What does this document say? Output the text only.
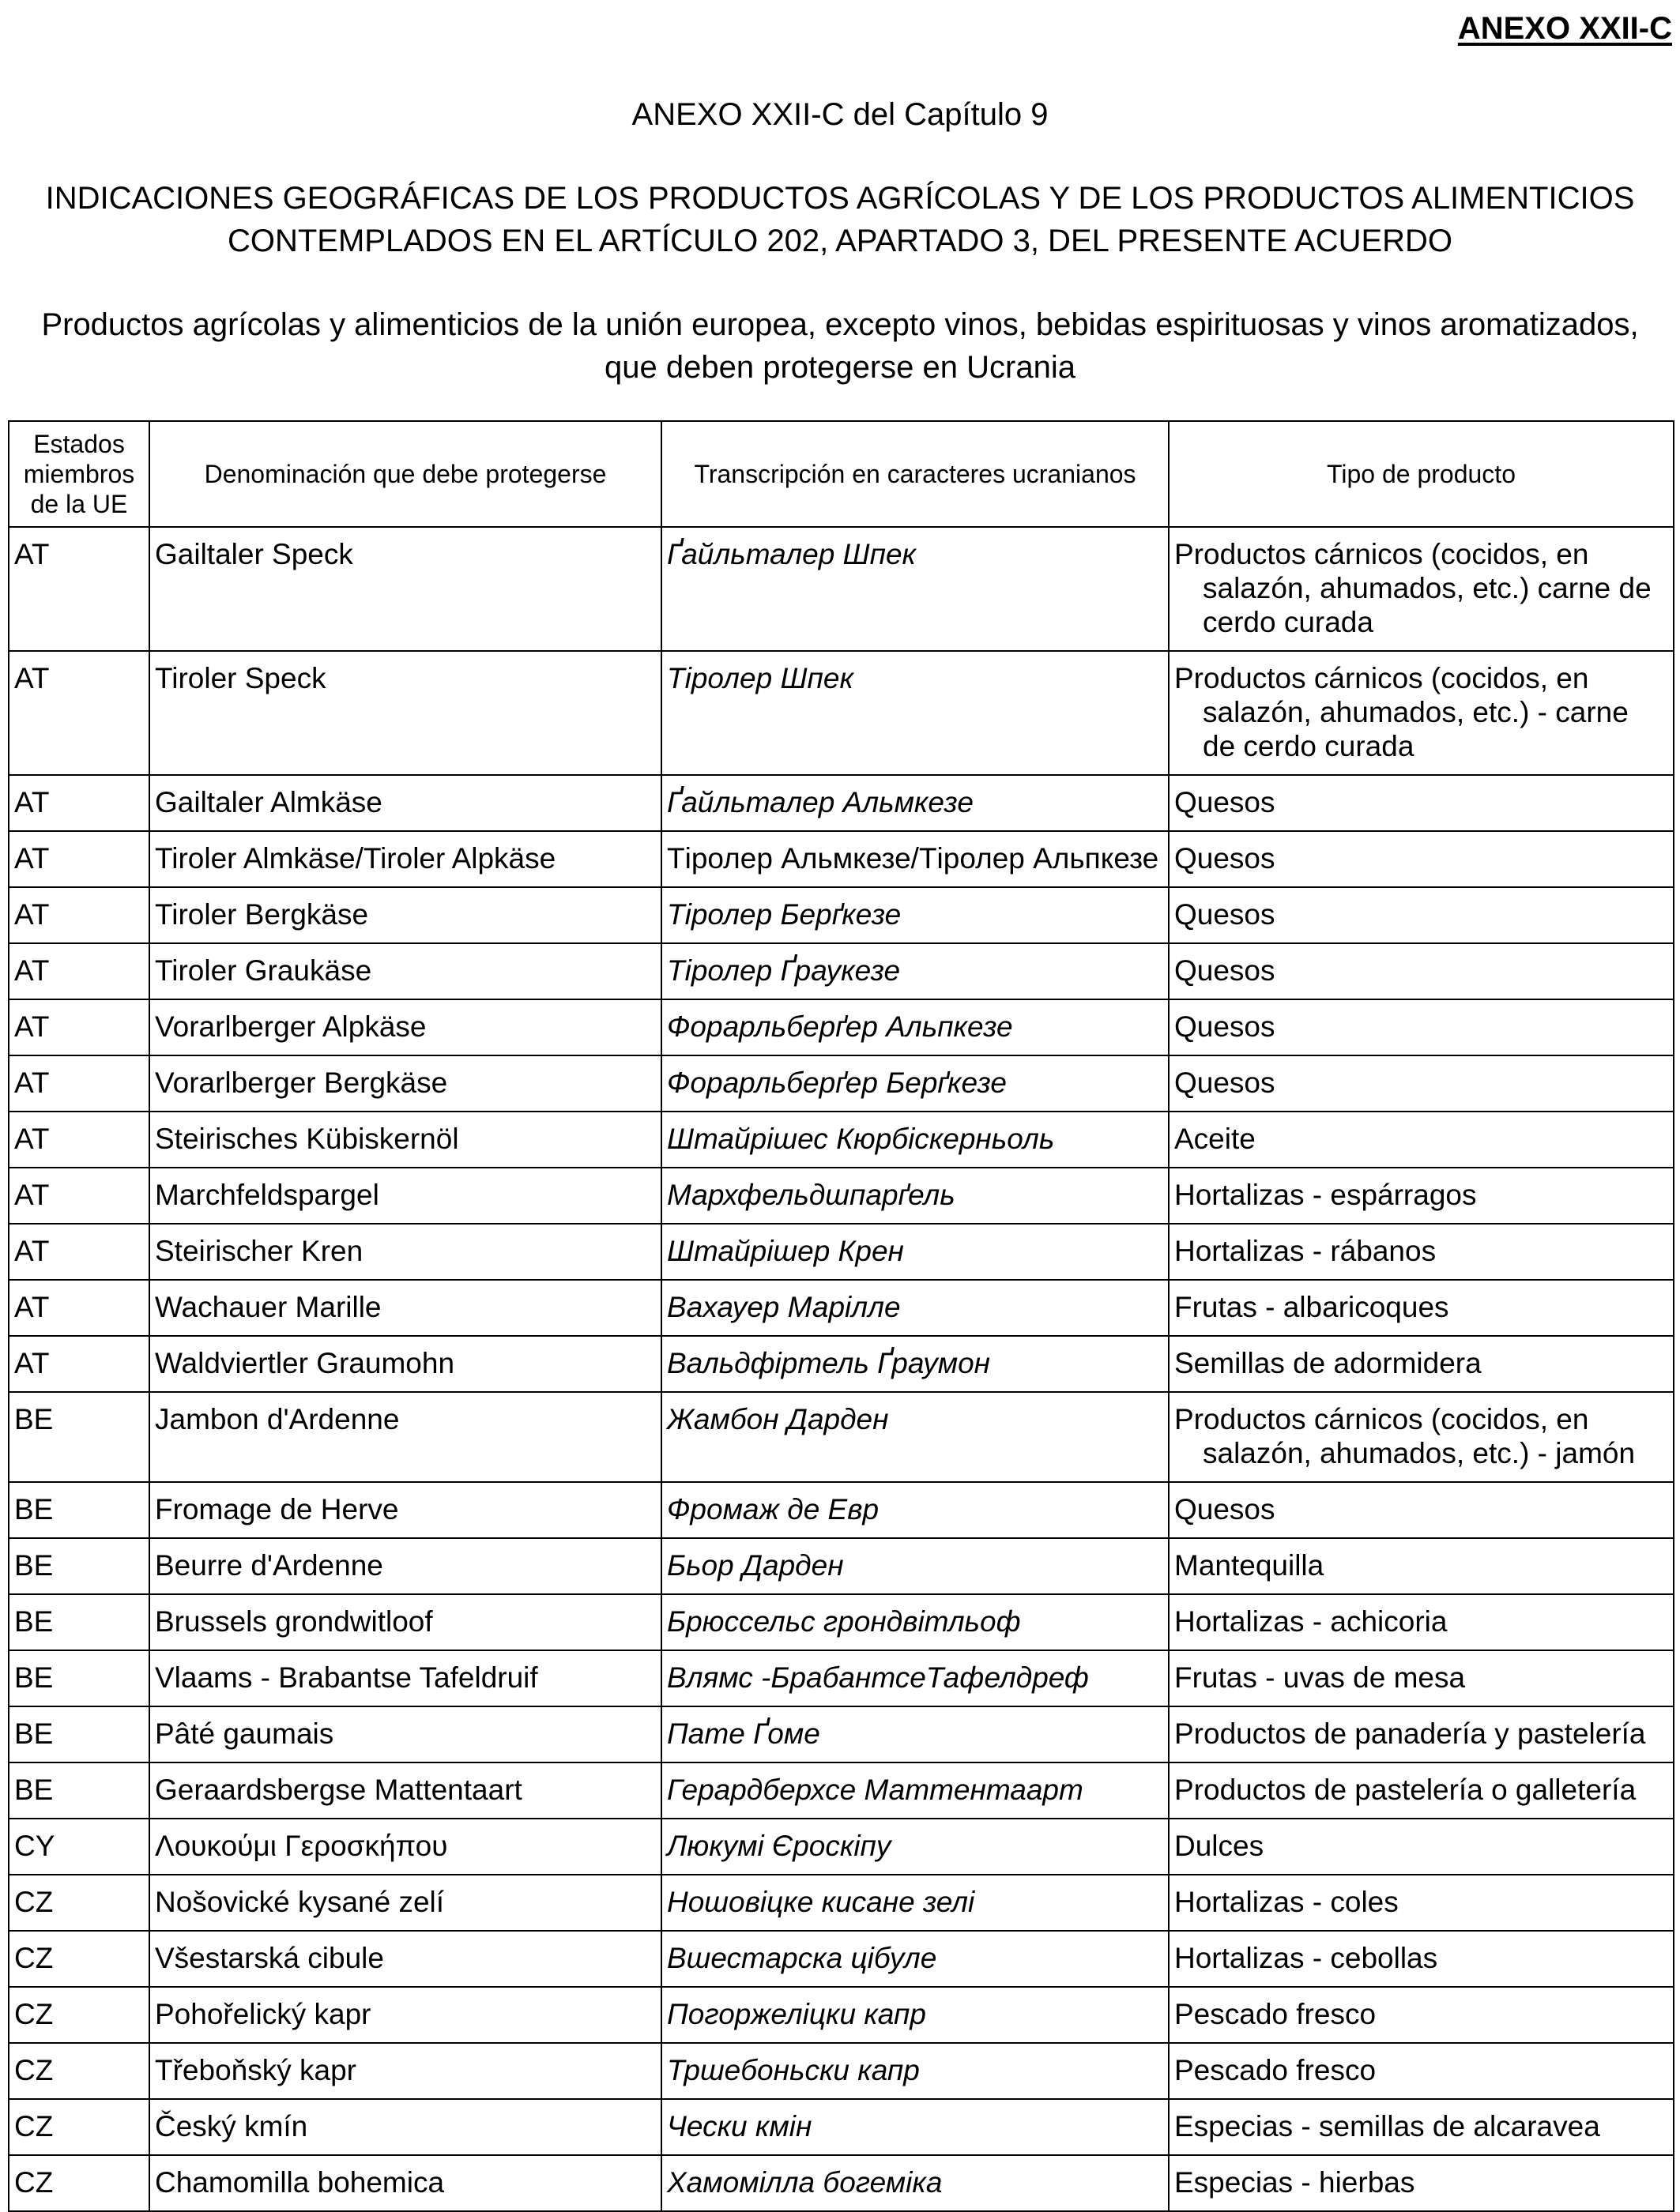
ANEXO XXII-C
ANEXO XXII-C del Capítulo 9
INDICACIONES GEOGRÁFICAS DE LOS PRODUCTOS AGRÍCOLAS Y DE LOS PRODUCTOS ALIMENTICIOS
CONTEMPLADOS EN EL ARTÍCULO 202, APARTADO 3, DEL PRESENTE ACUERDO
Productos agrícolas y alimenticios de la unión europea, excepto vinos, bebidas espirituosas y vinos aromatizados,
que deben protegerse en Ucrania
Estados
miembros
de la UE	Denominación que debe protegerse	Transcripción en caracteres ucranianos	Tipo de producto
AT	Gailtaler Speck	Ґайльталер Шпек	Productos cárnicos (cocidos, en salazón, ahumados, etc.) carne de cerdo curada

AT	Tiroler Speck	Тіролер Шпек	Productos cárnicos (cocidos, en salazón, ahumados, etc.) - carne de cerdo curada

AT	Gailtaler Almkäse	Ґайльталер Альмкезе	Quesos

AT	Tiroler Almkäse/Tiroler Alpkäse	Тіролер Альмкезе/Тіролер Альпкезе	Quesos

AT	Tiroler Bergkäse	Тіролер Берґкезе	Quesos

AT	Tiroler Graukäse	Тіролер Ґраукезе	Quesos

AT	Vorarlberger Alpkäse	Форарльберґер Альпкезе	Quesos

AT	Vorarlberger Bergkäse	Форарльберґер Берґкезе	Quesos

AT	Steirisches Kübiskernöl	Штайрішес Кюрбіскерньоль	Aceite

AT	Marchfeldspargel	Мархфельдшпарґель	Hortalizas - espárragos

AT	Steirischer Kren	Штайрішер Крен	Hortalizas - rábanos

AT	Wachauer Marille	Вахауер Марілле	Frutas - albaricoques

AT	Waldviertler Graumohn	Вальдфіртель Ґраумон	Semillas de adormidera

BE	Jambon d'Ardenne	Жамбон Дарден	Productos cárnicos (cocidos, en salazón, ahumados, etc.) - jamón

BE	Fromage de Herve	Фромаж де Евр	Quesos

BE	Beurre d'Ardenne	Бьор Дарден	Mantequilla

BE	Brussels grondwitloof	Брюссельс грондвітльоф	Hortalizas - achicoria

BE	Vlaams - Brabantse Tafeldruif	Влямс -БрабантсеТафелдреф	Frutas - uvas de mesa

BE	Pâté gaumais	Пате Ґоме	Productos de panadería y pastelería

BE	Geraardsbergse Mattentaart	Герардберхсе Маттентаарт	Productos de pastelería o galletería

CY	Λουκούμι Γεροσκήπου	Люкумі Єроскіпу	Dulces

CZ	Nošovické kysané zelí	Ношовіцке кисане зелі	Hortalizas - coles

CZ	Všestarská cibule	Вшестарска цібуле	Hortalizas - cebollas

CZ	Pohořelický kapr	Погоржеліцки капр	Pescado fresco

CZ	Třeboňský kapr	Тршебоньски капр	Pescado fresco

CZ	Český kmín	Чески кмін	Especias - semillas de alcaravea

CZ	Chamomilla bohemica	Хамомілла богеміка	Especias - hierbas
